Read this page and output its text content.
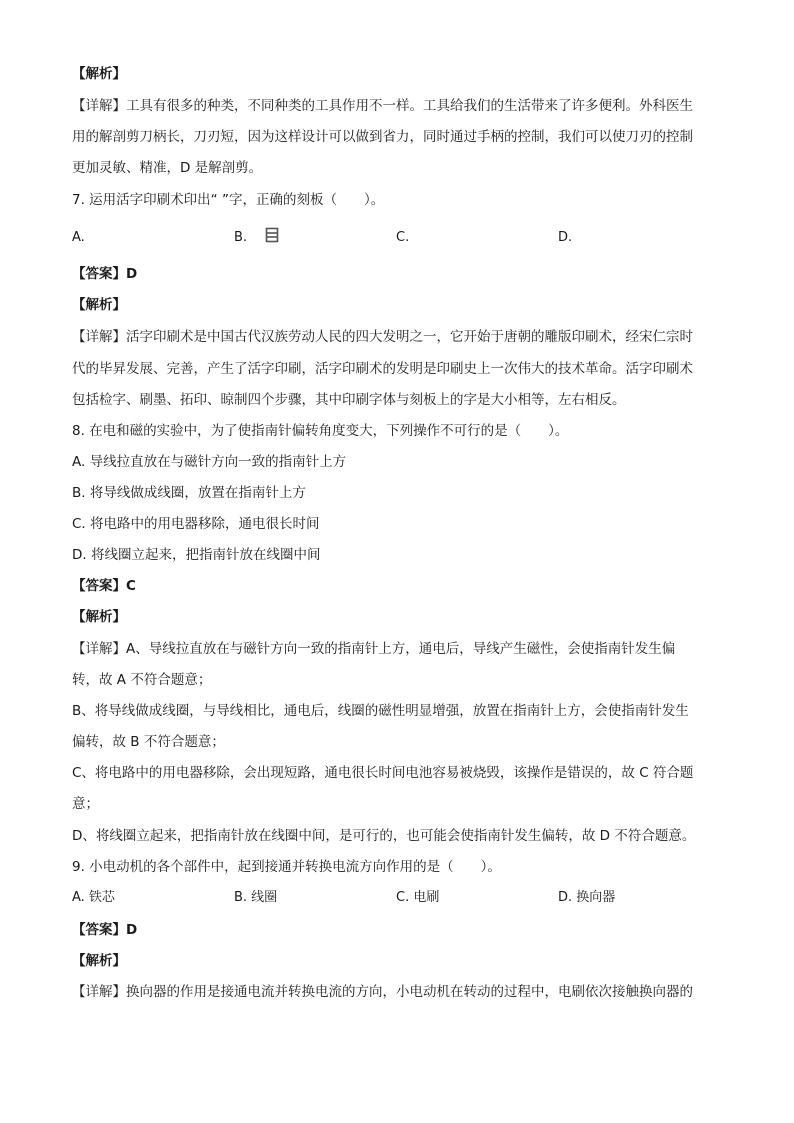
【解析】
【详解】工具有很多的种类，不同种类的工具作用不一样。工具给我们的生活带来了许多便利。外科医生
用的解剖剪刀柄长，刀刃短，因为这样设计可以做到省力，同时通过手柄的控制，我们可以使刀刃的控制
更加灵敏、精准，D 是解剖剪。
7. 运用活字印刷术印出“ ”字，正确的刻板（　　）。
A.	B.	C.	D.
【答案】D
【解析】
【详解】活字印刷术是中国古代汉族劳动人民的四大发明之一，它开始于唐朝的雕版印刷术，经宋仁宗时
代的毕昇发展、完善，产生了活字印刷，活字印刷术的发明是印刷史上一次伟大的技术革命。活字印刷术
包括检字、刷墨、拓印、晾制四个步骤，其中印刷字体与刻板上的字是大小相等，左右相反。
8. 在电和磁的实验中，为了使指南针偏转角度变大，下列操作不可行的是（　　）。
A. 导线拉直放在与磁针方向一致的指南针上方
B. 将导线做成线圈，放置在指南针上方
C. 将电路中的用电器移除，通电很长时间
D. 将线圈立起来，把指南针放在线圈中间
【答案】C
【解析】
【详解】A、导线拉直放在与磁针方向一致的指南针上方，通电后，导线产生磁性，会使指南针发生偏
转，故 A 不符合题意；
B、将导线做成线圈，与导线相比，通电后，线圈的磁性明显增强，放置在指南针上方，会使指南针发生
偏转，故 B 不符合题意；
C、将电路中的用电器移除，会出现短路，通电很长时间电池容易被烧毁，该操作是错误的，故 C 符合题
意；
D、将线圈立起来，把指南针放在线圈中间，是可行的，也可能会使指南针发生偏转，故 D 不符合题意。
9. 小电动机的各个部件中，起到接通并转换电流方向作用的是（　　）。
A. 铁芯	B. 线圈	C. 电刷	D. 换向器
【答案】D
【解析】
【详解】换向器的作用是接通电流并转换电流的方向，小电动机在转动的过程中，电刷依次接触换向器的
